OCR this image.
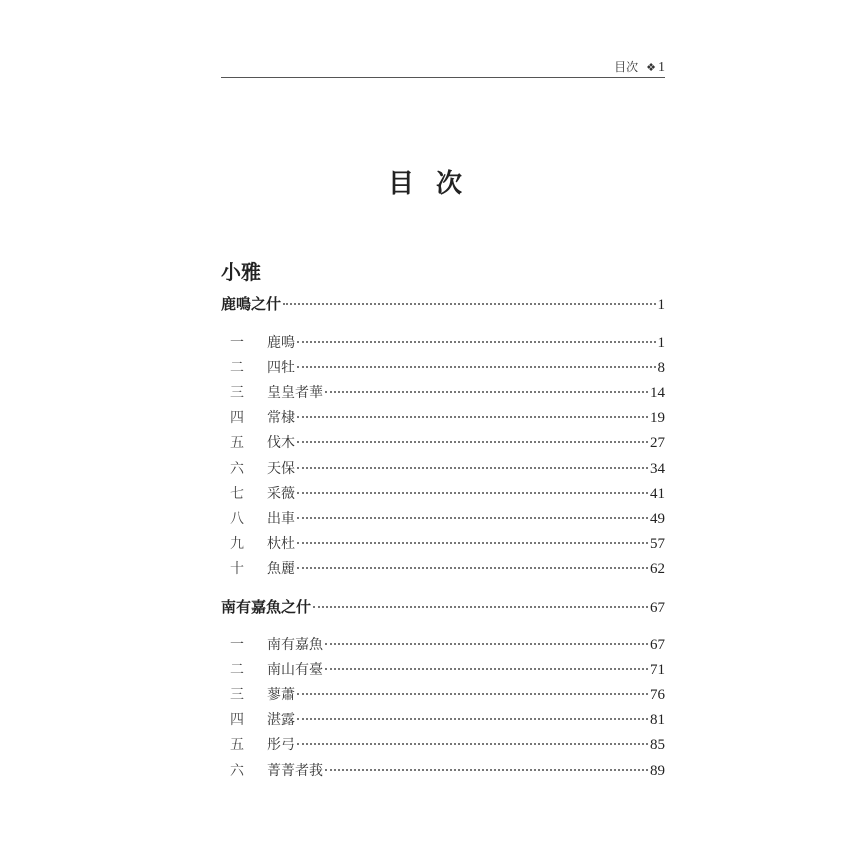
目次 ❖ 1
目次
小雅
鹿鳴之什	1
一	鹿鳴	1
二	四牡	8
三	皇皇者華	14
四	常棣	19
五	伐木	27
六	天保	34
七	采薇	41
八	出車	49
九	杕杜	57
十	魚麗	62
南有嘉魚之什	67
一	南有嘉魚	67
二	南山有臺	71
三	蓼蕭	76
四	湛露	81
五	彤弓	85
六	菁菁者莪	89
